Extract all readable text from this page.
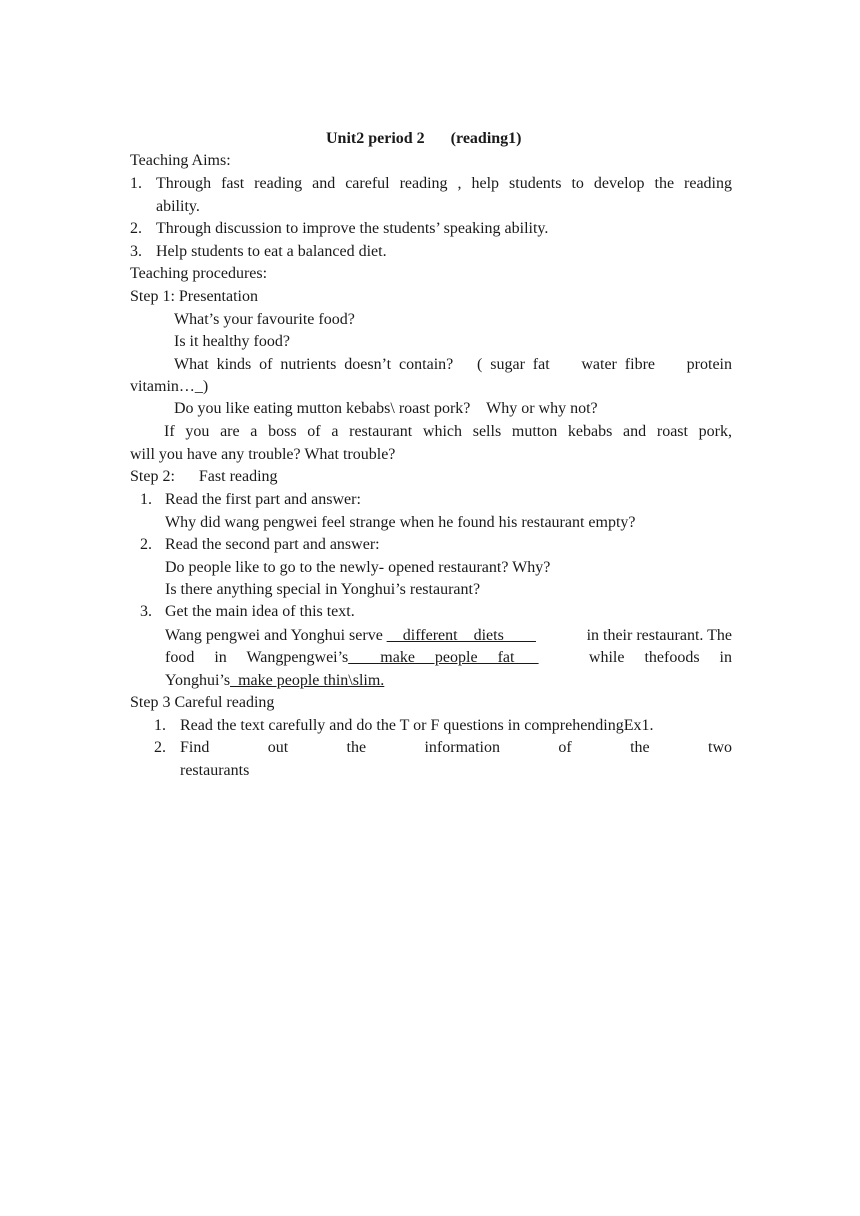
Unit2 period 2 (reading1)
Teaching Aims:
1. Through fast reading and careful reading , help students to develop the reading
ability.
2. Through discussion to improve the students’ speaking ability.
3. Help students to eat a balanced diet.
Teaching procedures:
Step 1: Presentation
What’s your favourite food?
Is it healthy food?
What kinds of nutrients doesn’t contain?   ( sugar fat    water fibre    protein
vitamin…_)
Do you like eating mutton kebabs\ roast pork?    Why or why not?
If you are a boss of a restaurant which sells mutton kebabs and roast pork,
will you have any trouble? What trouble?
Step 2:      Fast reading
1. Read the first part and answer:
Why did wang pengwei feel strange when he found his restaurant empty?
2. Read the second part and answer:
Do people like to go to the newly- opened restaurant? Why?
Is there anything special in Yonghui’s restaurant?
3. Get the main idea of this text.
Wang pengwei and Yonghui serve __different    diets____	in their restaurant. The
food     in     Wangpengwei’s____make     people     fat___	while     thefoods     in
Yonghui’s_make people thin\slim.
Step 3 Careful reading
1. Read the text carefully and do the T or F questions in comprehendingEx1.
2. Find out the information of the two
restaurants
